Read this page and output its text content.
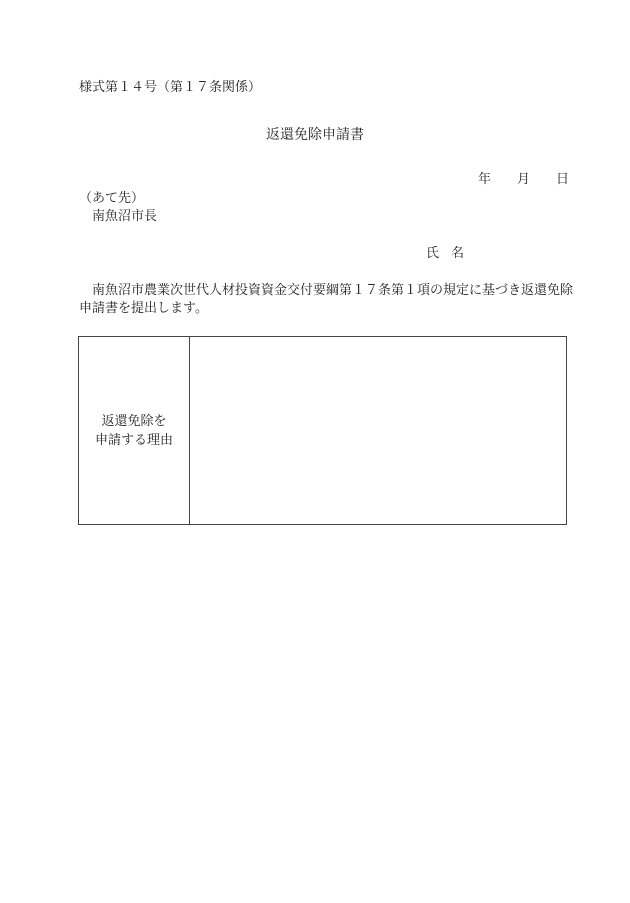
様式第１４号（第１７条関係）
返還免除申請書
年 月 日
（あて先）
南魚沼市長
氏 名
南魚沼市農業次世代人材投資資金交付要綱第１７条第１項の規定に基づき返還免除
申請書を提出します。
返還免除を
申請する理由
